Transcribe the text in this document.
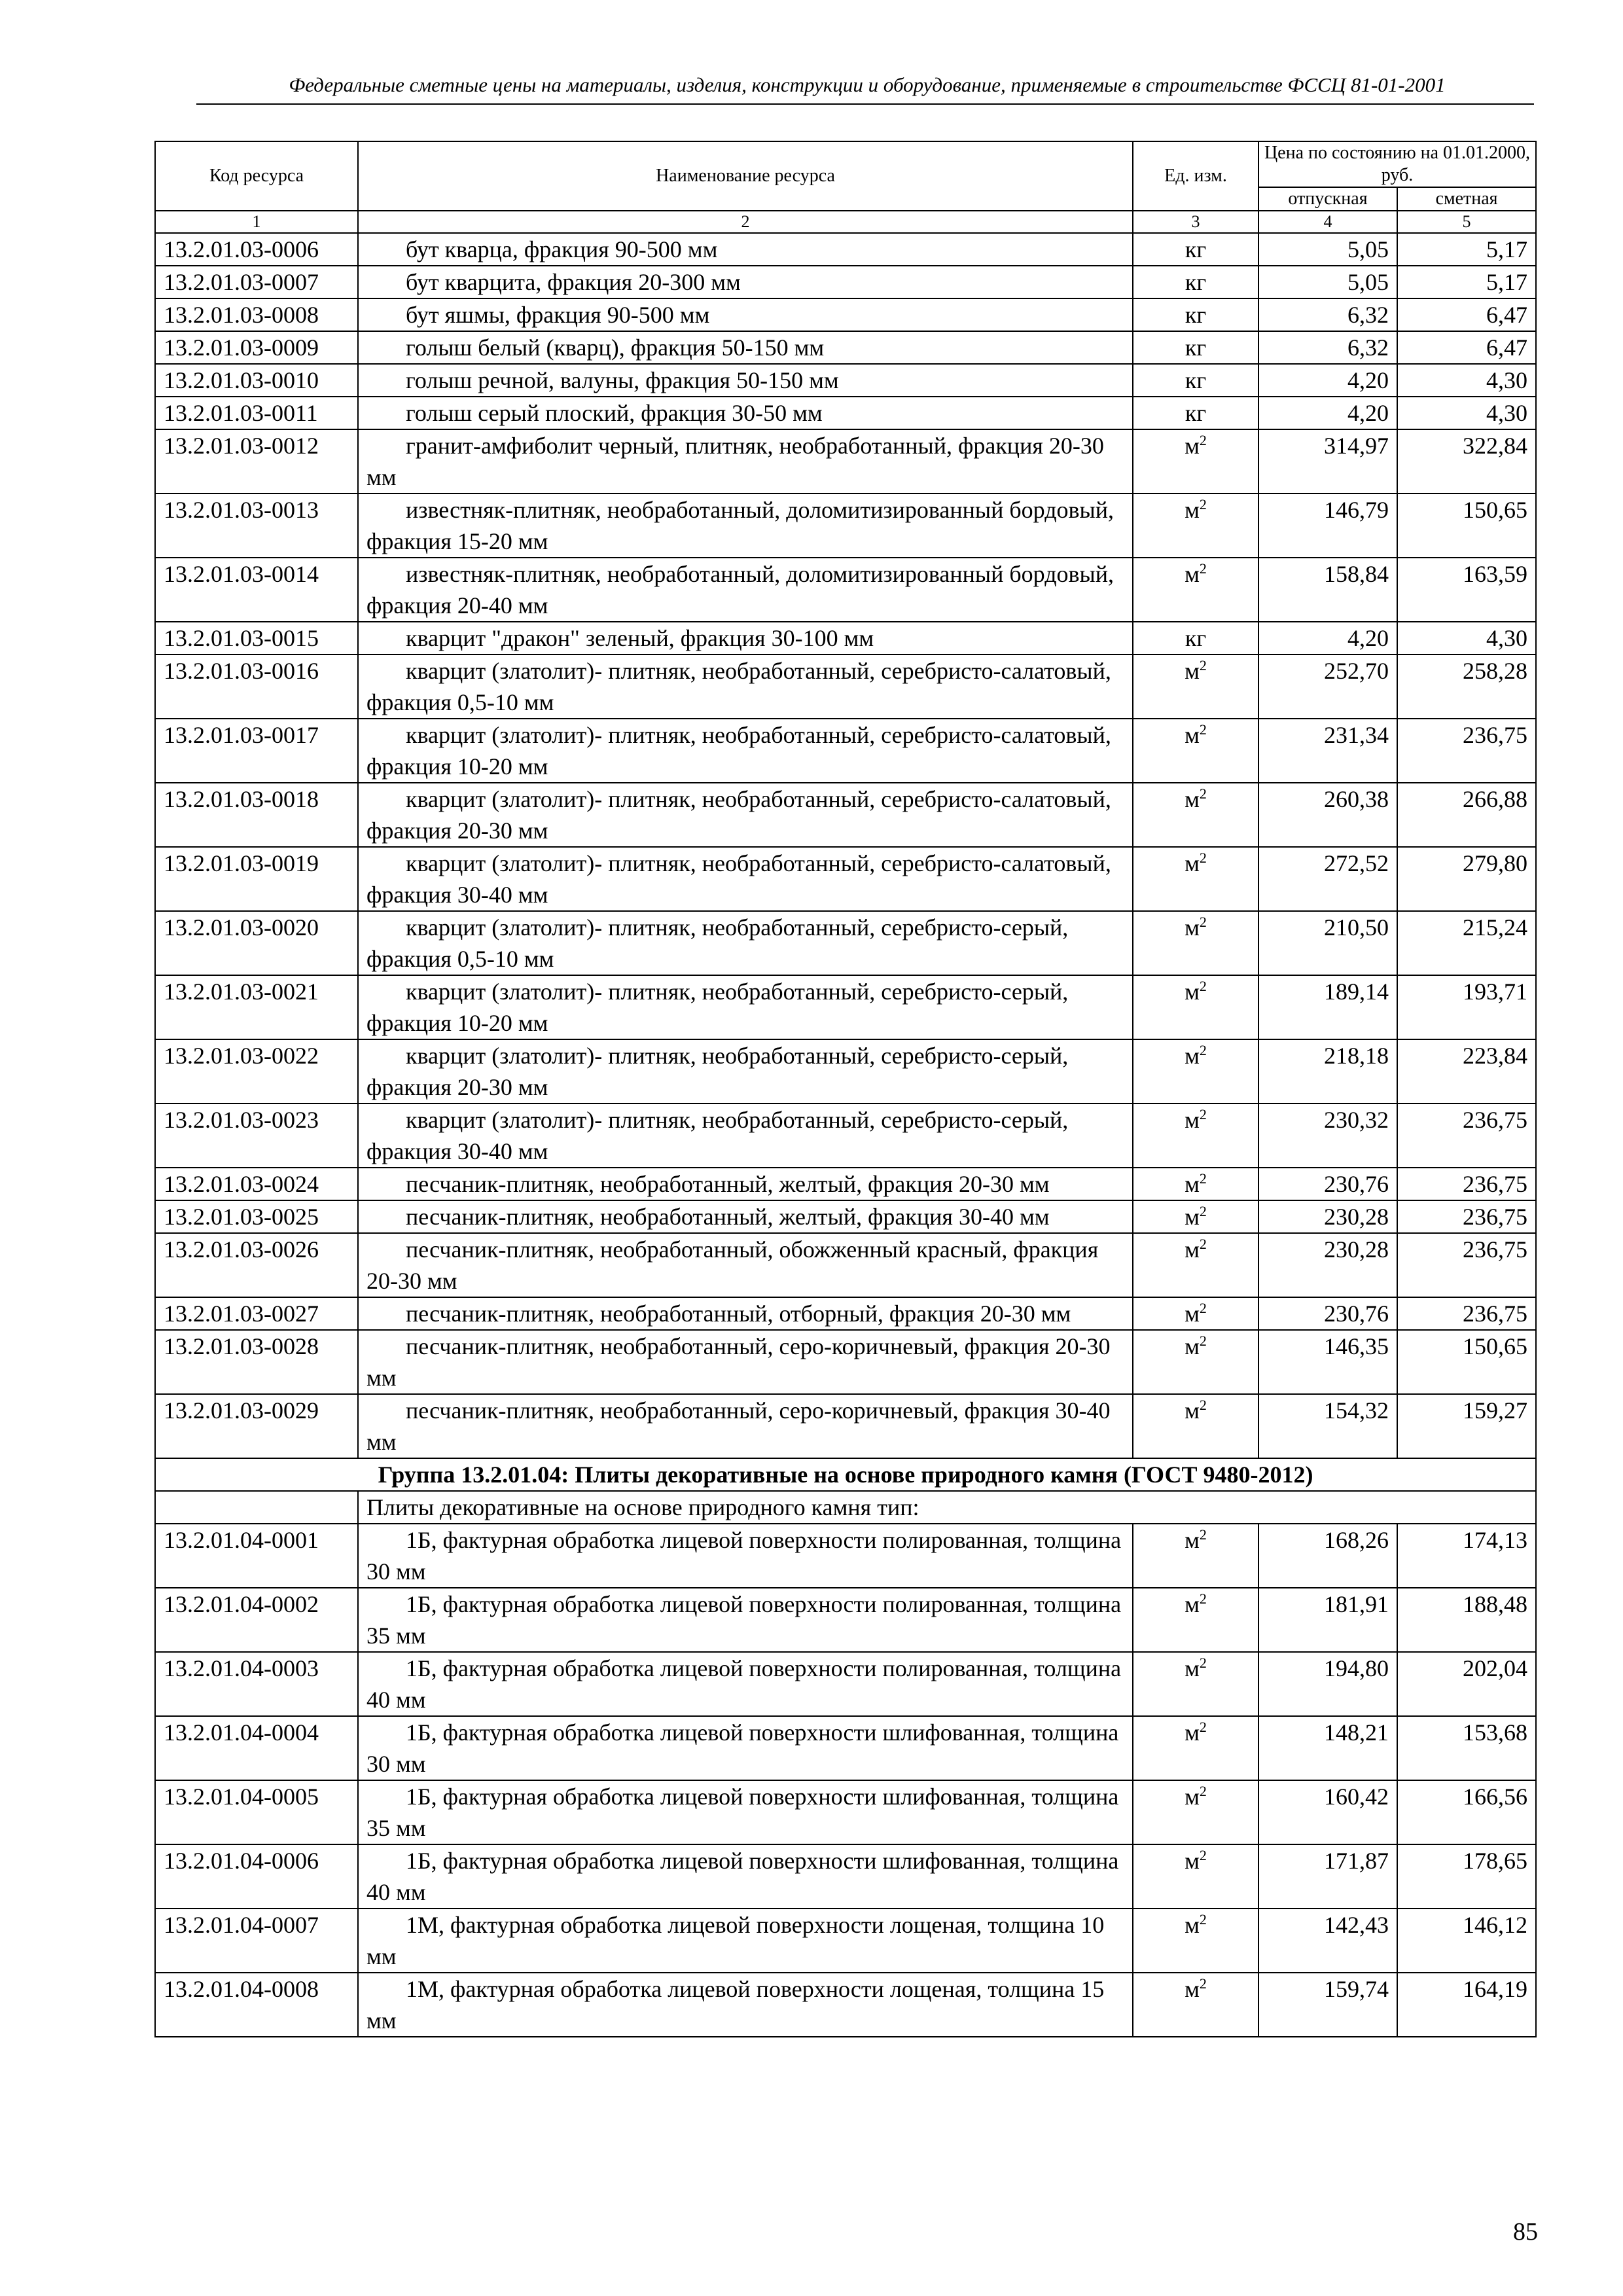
Федеральные сметные цены на материалы, изделия, конструкции и оборудование, применяемые в строительстве ФССЦ 81-01-2001
Код ресурса	Наименование ресурса	Ед. изм.	Цена по состоянию на 01.01.2000, руб.	
			отпускная	сметная
1	2	3	4	5
13.2.01.03-0006	бут кварца, фракция 90-500 мм	кг	5,05	5,17
13.2.01.03-0007	бут кварцита, фракция 20-300 мм	кг	5,05	5,17
13.2.01.03-0008	бут яшмы, фракция 90-500 мм	кг	6,32	6,47
13.2.01.03-0009	голыш белый (кварц), фракция 50-150 мм	кг	6,32	6,47
13.2.01.03-0010	голыш речной, валуны, фракция 50-150 мм	кг	4,20	4,30
13.2.01.03-0011	голыш серый плоский, фракция 30-50 мм	кг	4,20	4,30
13.2.01.03-0012	гранит-амфиболит черный, плитняк, необработанный, фракция 20-30 мм	$м^2$	314,97	322,84
13.2.01.03-0013	известняк-плитняк, необработанный, доломитизированный бордовый, фракция 15-20 мм	$м^2$	146,79	150,65
13.2.01.03-0014	известняк-плитняк, необработанный, доломитизированный бордовый, фракция 20-40 мм	$м^2$	158,84	163,59
13.2.01.03-0015	кварцит "дракон" зеленый, фракция 30-100 мм	кг	4,20	4,30
13.2.01.03-0016	кварцит (златолит)- плитняк, необработанный, серебристо-салатовый, фракция 0,5-10 мм	$м^2$	252,70	258,28
13.2.01.03-0017	кварцит (златолит)- плитняк, необработанный, серебристо-салатовый, фракция 10-20 мм	$м^2$	231,34	236,75
13.2.01.03-0018	кварцит (златолит)- плитняк, необработанный, серебристо-салатовый, фракция 20-30 мм	$м^2$	260,38	266,88
13.2.01.03-0019	кварцит (златолит)- плитняк, необработанный, серебристо-салатовый, фракция 30-40 мм	$м^2$	272,52	279,80
13.2.01.03-0020	кварцит (златолит)- плитняк, необработанный, серебристо-серый, фракция 0,5-10 мм	$м^2$	210,50	215,24
13.2.01.03-0021	кварцит (златолит)- плитняк, необработанный, серебристо-серый, фракция 10-20 мм	$м^2$	189,14	193,71
13.2.01.03-0022	кварцит (златолит)- плитняк, необработанный, серебристо-серый, фракция 20-30 мм	$м^2$	218,18	223,84
13.2.01.03-0023	кварцит (златолит)- плитняк, необработанный, серебристо-серый, фракция 30-40 мм	$м^2$	230,32	236,75
13.2.01.03-0024	песчаник-плитняк, необработанный, желтый, фракция 20-30 мм	$м^2$	230,76	236,75
13.2.01.03-0025	песчаник-плитняк, необработанный, желтый, фракция 30-40 мм	$м^2$	230,28	236,75
13.2.01.03-0026	песчаник-плитняк, необработанный, обожженный красный, фракция 20-30 мм	$м^2$	230,28	236,75
13.2.01.03-0027	песчаник-плитняк, необработанный, отборный, фракция 20-30 мм	$м^2$	230,76	236,75
13.2.01.03-0028	песчаник-плитняк, необработанный, серо-коричневый, фракция 20-30 мм	$м^2$	146,35	150,65
13.2.01.03-0029	песчаник-плитняк, необработанный, серо-коричневый, фракция 30-40 мм	$м^2$	154,32	159,27
Группа 13.2.01.04: Плиты декоративные на основе природного камня (ГОСТ 9480-2012)				
	Плиты декоративные на основе природного камня тип:			
13.2.01.04-0001	1Б, фактурная обработка лицевой поверхности полированная, толщина 30 мм	$м^2$	168,26	174,13
13.2.01.04-0002	1Б, фактурная обработка лицевой поверхности полированная, толщина 35 мм	$м^2$	181,91	188,48
13.2.01.04-0003	1Б, фактурная обработка лицевой поверхности полированная, толщина 40 мм	$м^2$	194,80	202,04
13.2.01.04-0004	1Б, фактурная обработка лицевой поверхности шлифованная, толщина 30 мм	$м^2$	148,21	153,68
13.2.01.04-0005	1Б, фактурная обработка лицевой поверхности шлифованная, толщина 35 мм	$м^2$	160,42	166,56
13.2.01.04-0006	1Б, фактурная обработка лицевой поверхности шлифованная, толщина 40 мм	$м^2$	171,87	178,65
13.2.01.04-0007	1М, фактурная обработка лицевой поверхности лощеная, толщина 10 мм	$м^2$	142,43	146,12
13.2.01.04-0008	1М, фактурная обработка лицевой поверхности лощеная, толщина 15 мм	$м^2$	159,74	164,19
85
